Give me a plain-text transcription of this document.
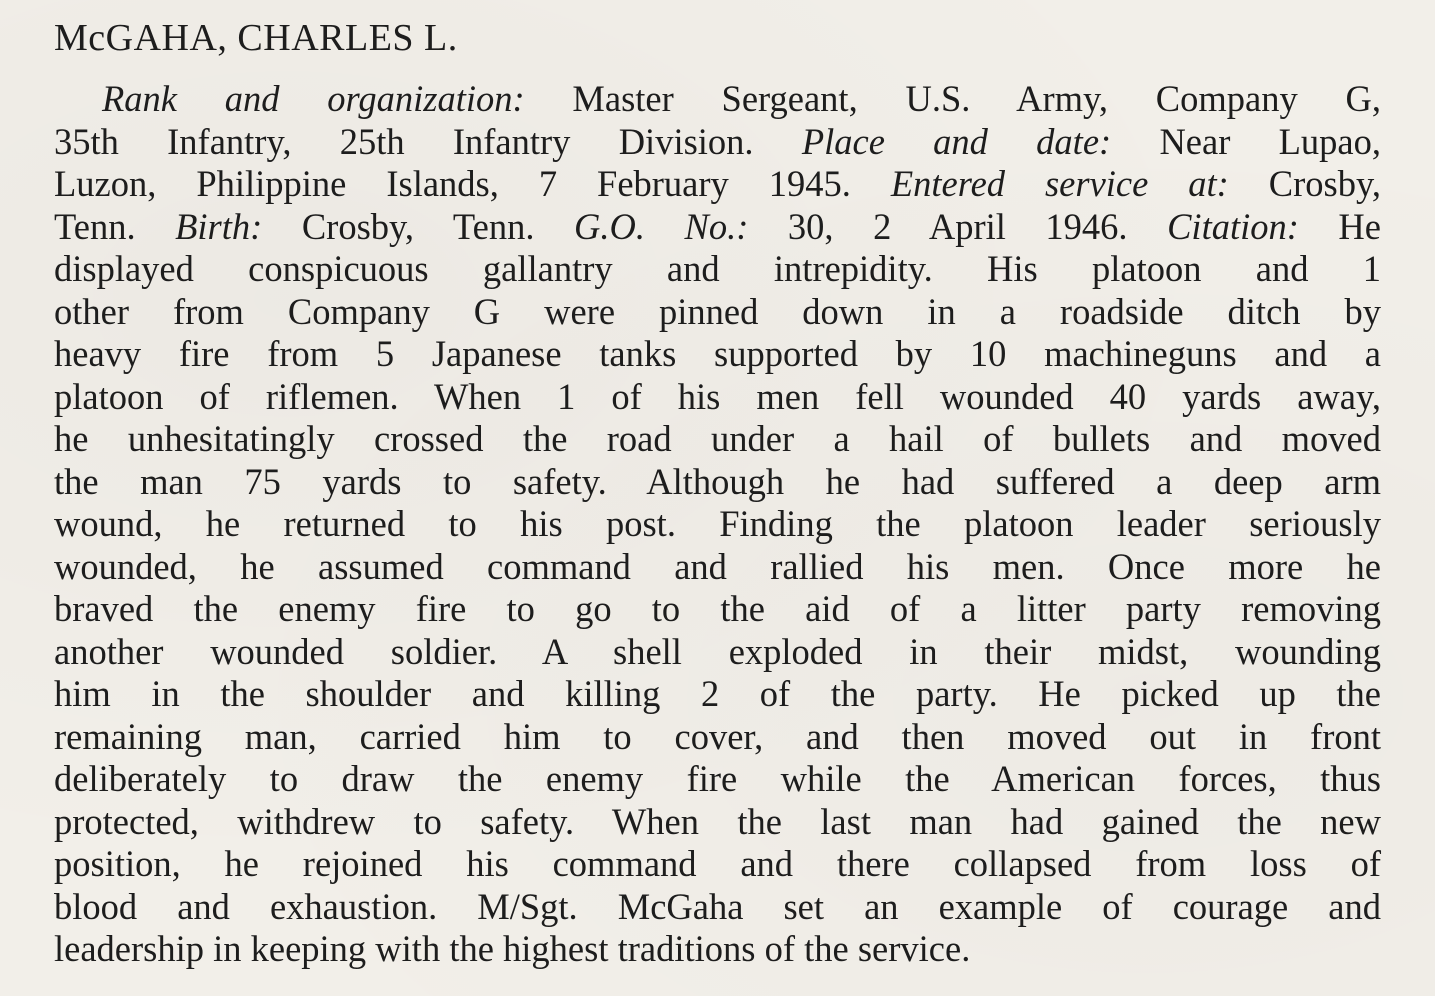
McGAHA, CHARLES L.
Rank and organization: Master Sergeant, U.S. Army, Company G,
35th Infantry, 25th Infantry Division. Place and date: Near Lupao,
Luzon, Philippine Islands, 7 February 1945. Entered service at: Crosby,
Tenn. Birth: Crosby, Tenn. G.O. No.: 30, 2 April 1946. Citation: He
displayed conspicuous gallantry and intrepidity. His platoon and 1
other from Company G were pinned down in a roadside ditch by
heavy fire from 5 Japanese tanks supported by 10 machineguns and a
platoon of riflemen. When 1 of his men fell wounded 40 yards away,
he unhesitatingly crossed the road under a hail of bullets and moved
the man 75 yards to safety. Although he had suffered a deep arm
wound, he returned to his post. Finding the platoon leader seriously
wounded, he assumed command and rallied his men. Once more he
braved the enemy fire to go to the aid of a litter party removing
another wounded soldier. A shell exploded in their midst, wounding
him in the shoulder and killing 2 of the party. He picked up the
remaining man, carried him to cover, and then moved out in front
deliberately to draw the enemy fire while the American forces, thus
protected, withdrew to safety. When the last man had gained the new
position, he rejoined his command and there collapsed from loss of
blood and exhaustion. M/Sgt. McGaha set an example of courage and
leadership in keeping with the highest traditions of the service.
